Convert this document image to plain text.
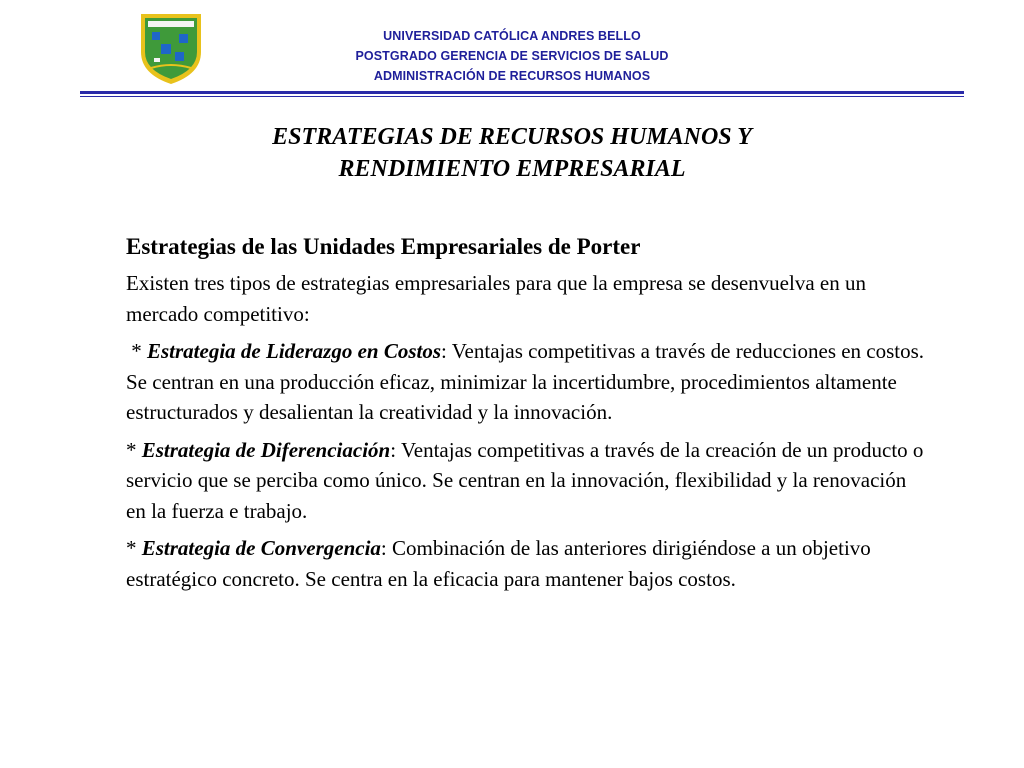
UNIVERSIDAD CATÓLICA ANDRES BELLO
POSTGRADO GERENCIA DE SERVICIOS DE SALUD
ADMINISTRACIÓN DE RECURSOS HUMANOS
ESTRATEGIAS DE RECURSOS HUMANOS Y
RENDIMIENTO EMPRESARIAL
Estrategias de las Unidades Empresariales de Porter

Existen tres tipos de estrategias empresariales para que la empresa se desenvuelva en un mercado competitivo:

* Estrategia de Liderazgo en Costos: Ventajas competitivas a través de reducciones en costos. Se centran en una producción eficaz, minimizar la incertidumbre, procedimientos altamente estructurados y desalientan la creatividad y la innovación.

* Estrategia de Diferenciación: Ventajas competitivas a través de la creación de un producto o servicio que se perciba como único. Se centran en la innovación, flexibilidad y la renovación en la fuerza e trabajo.

* Estrategia de Convergencia: Combinación de las anteriores dirigiéndose a un objetivo estratégico concreto. Se centra en la eficacia para mantener bajos costos.
